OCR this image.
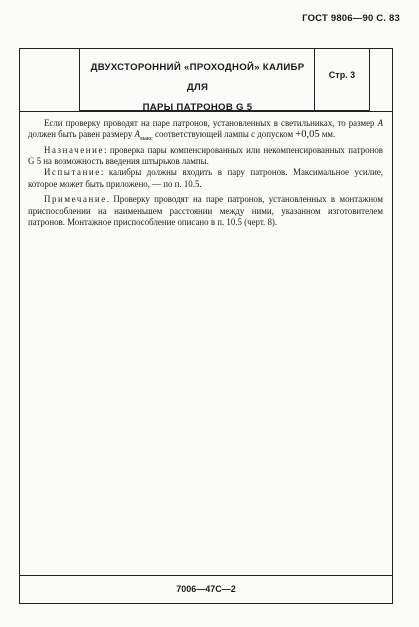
ГОСТ 9806—90 С. 83
ДВУХСТОРОННИЙ «ПРОХОДНОЙ» КАЛИБР ДЛЯ
ПАРЫ ПАТРОНОВ G 5
Стр. 3

Если проверку проводят на паре патронов, установленных в светильниках, то размер A должен быть равен размеру $A_{макс}$ соответствующей лампы с допуском +0,05 мм.

Назначение: проверка пары компенсированных или некомпенсированных патронов G 5 на возможность введения штырьков лампы.

Испытание: калибры должны входить в пару патронов. Максимальное усилие, которое может быть приложено, — по п. 10.5.

Примечание. Проверку проводят на паре патронов, установленных в монтажном приспособлении на наименьшем расстоянии между ними, указанном изготовителем патронов. Монтажное приспособление описано в п. 10.5 (черт. 8).

7006—47С—2
